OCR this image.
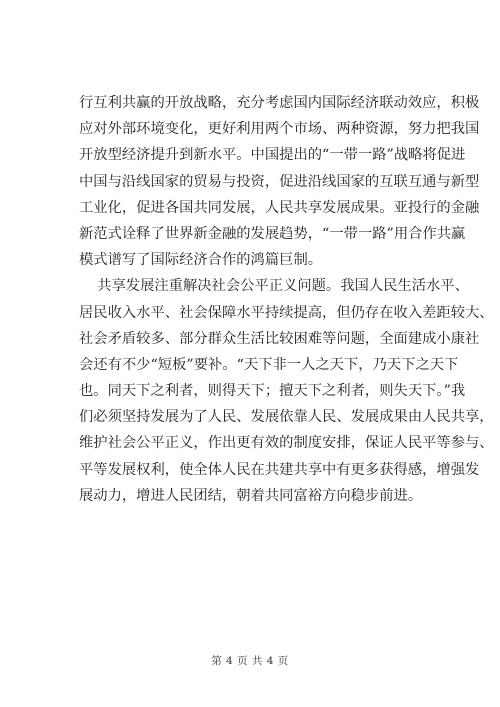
行互利共赢的开放战略，充分考虑国内国际经济联动效应，积极
应对外部环境变化，更好利用两个市场、两种资源，努力把我国
开放型经济提升到新水平。中国提出的“一带一路”战略将促进
中国与沿线国家的贸易与投资，促进沿线国家的互联互通与新型
工业化，促进各国共同发展，人民共享发展成果。亚投行的金融
新范式诠释了世界新金融的发展趋势，“一带一路”用合作共赢
模式谱写了国际经济合作的鸿篇巨制。
共享发展注重解决社会公平正义问题。我国人民生活水平、
居民收入水平、社会保障水平持续提高，但仍存在收入差距较大、
社会矛盾较多、部分群众生活比较困难等问题，全面建成小康社
会还有不少“短板”要补。“天下非一人之天下，乃天下之天下
也。同天下之利者，则得天下；擅天下之利者，则失天下。”我
们必须坚持发展为了人民、发展依靠人民、发展成果由人民共享，
维护社会公平正义，作出更有效的制度安排，保证人民平等参与、
平等发展权利，使全体人民在共建共享中有更多获得感，增强发
展动力，增进人民团结，朝着共同富裕方向稳步前进。
第 4 页 共 4 页
